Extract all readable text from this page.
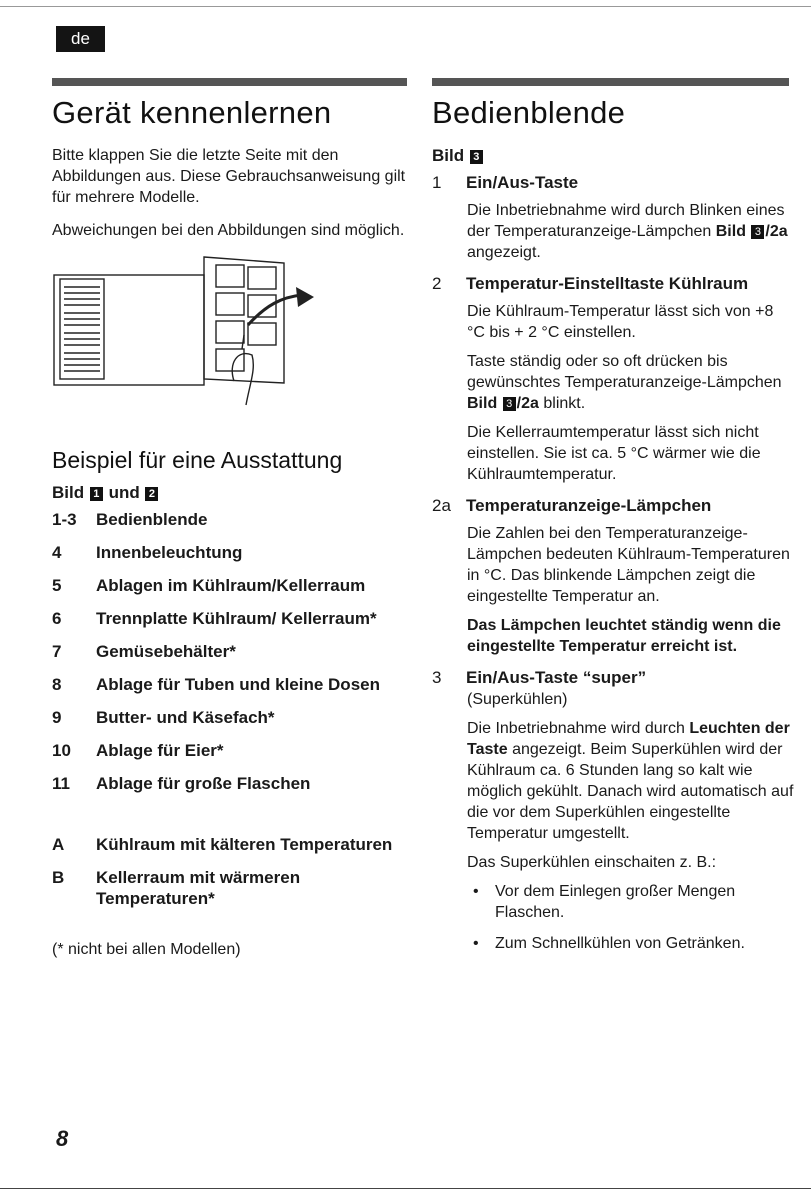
de
Gerät kennenlernen

Bitte klappen Sie die letzte Seite mit den Abbildungen aus. Diese Gebrauchsanweisung gilt für mehrere Modelle.

Abweichungen bei den Abbildungen sind möglich.

Beispiel für eine Ausstattung

Bild 1 und 2

1-3	Bedienblende
4	Innenbeleuchtung
5	Ablagen im Kühlraum/Kellerraum
6	Trennplatte Kühlraum/ Kellerraum*
7	Gemüsebehälter*
8	Ablage für Tuben und kleine Dosen
9	Butter- und Käsefach*
10	Ablage für Eier*
11	Ablage für große Flaschen
A	Kühlraum mit kälteren Temperaturen
B	Kellerraum mit wärmeren Temperaturen*

(* nicht bei allen Modellen)

Bedienblende

Bild 3

1	Ein/Aus-Taste

Die Inbetriebnahme wird durch Blinken eines der Temperaturanzeige-Lämpchen Bild 3 /2a angezeigt.

2	Temperatur-Einstelltaste Kühlraum

Die Kühlraum-Temperatur lässt sich von +8 °C bis + 2 °C einstellen.

Taste ständig oder so oft drücken bis gewünschtes Temperaturanzeige-Lämpchen Bild 3 /2a blinkt.

Die Kellerraumtemperatur lässt sich nicht einstellen. Sie ist ca. 5 °C wärmer wie die Kühlraumtemperatur.

2a Temperaturanzeige-Lämpchen

Die Zahlen bei den Temperaturanzeige-Lämpchen bedeuten Kühlraum-Temperaturen in °C. Das blinkende Lämpchen zeigt die eingestellte Temperatur an.

Das Lämpchen leuchtet ständig wenn die eingestellte Temperatur erreicht ist.

3	Ein/Aus-Taste “super”

(Superkühlen)

Die Inbetriebnahme wird durch Leuchten der Taste angezeigt. Beim Superkühlen wird der Kühlraum ca. 6 Stunden lang so kalt wie möglich gekühlt. Danach wird automatisch auf die vor dem Superkühlen eingestellte Temperatur umgestellt.

Das Superkühlen einschaiten z. B.:

•	Vor dem Einlegen großer Mengen Flaschen.
•	Zum Schnellkühlen von Getränken.
8
